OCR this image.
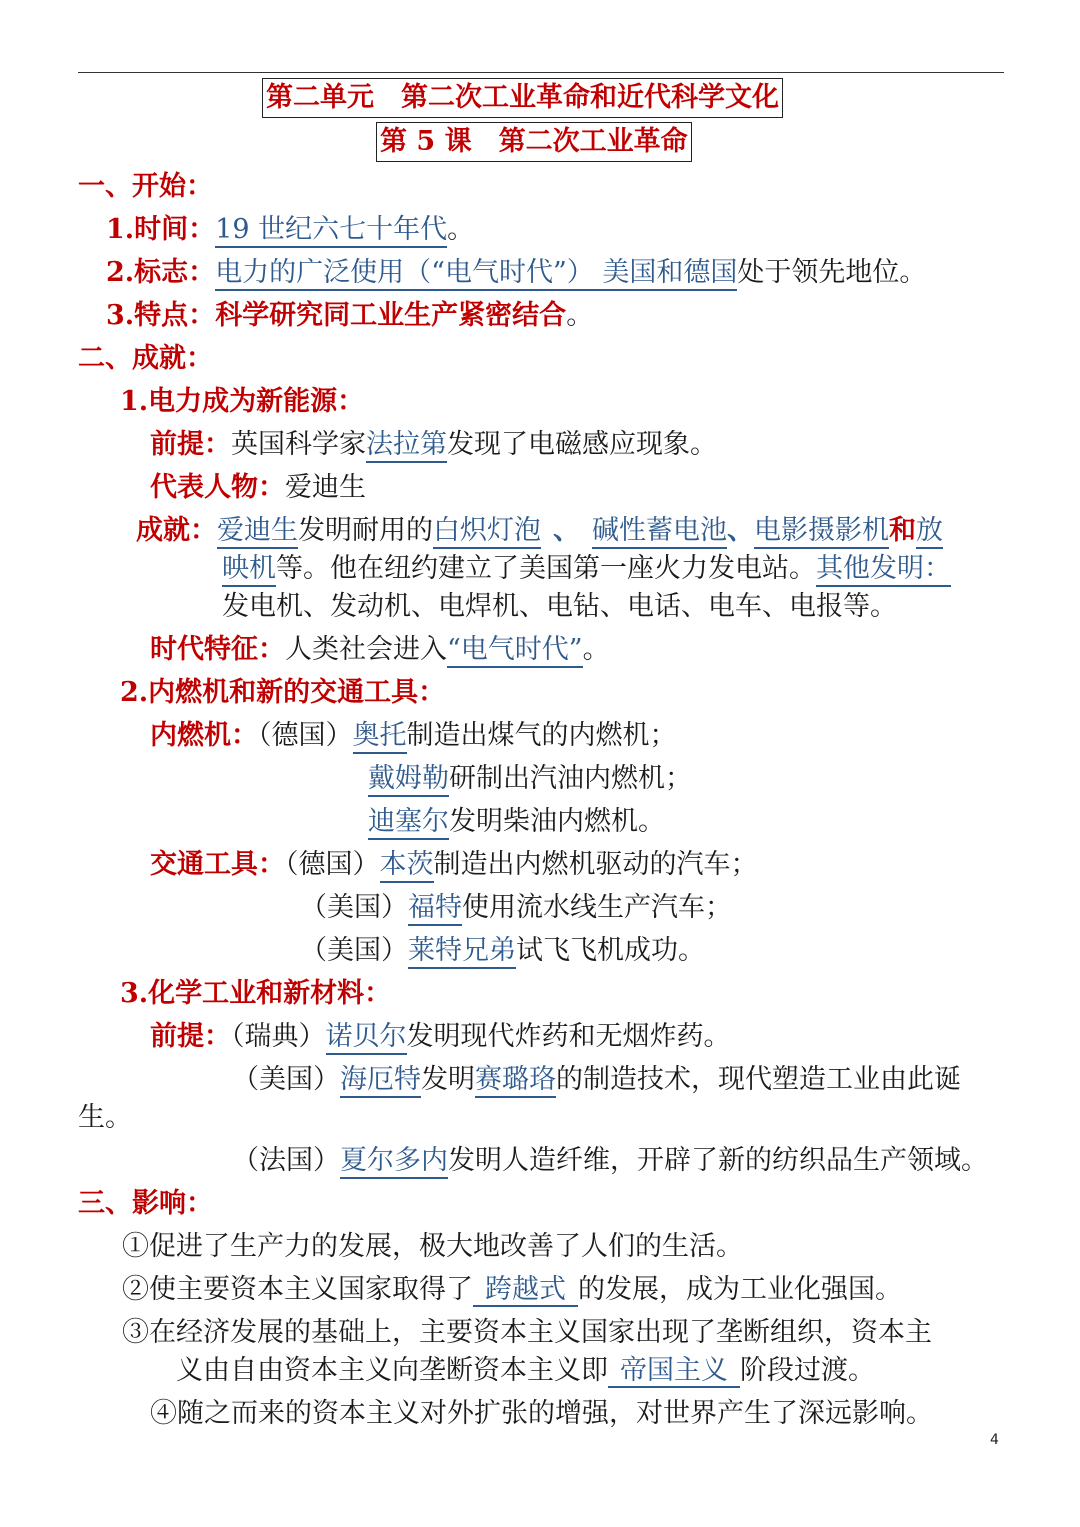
第二单元　第二次工业革命和近代科学文化
第 5 课　第二次工业革命
一、开始：
1.时间：19 世纪六七十年代。
2.标志：电力的广泛使用（“电气时代”） 美国和德国处于领先地位。
3.特点：科学研究同工业生产紧密结合。
二、成就：
1.电力成为新能源：
前提：英国科学家法拉第发现了电磁感应现象。
代表人物：爱迪生
成就：爱迪生发明耐用的白炽灯泡 、 碱性蓄电池、电影摄影机和放
映机等。他在纽约建立了美国第一座火力发电站。其他发明：
发电机、发动机、电焊机、电钻、电话、电车、电报等。
时代特征：人类社会进入“电气时代”。
2.内燃机和新的交通工具：
内燃机：（德国）奥托制造出煤气的内燃机；
戴姆勒研制出汽油内燃机；
迪塞尔发明柴油内燃机。
交通工具：（德国）本茨制造出内燃机驱动的汽车；
（美国）福特使用流水线生产汽车；
（美国）莱特兄弟试飞飞机成功。
3.化学工业和新材料：
前提：（瑞典）诺贝尔发明现代炸药和无烟炸药。
（美国）海厄特发明赛璐珞的制造技术，现代塑造工业由此诞
生。
（法国）夏尔多内发明人造纤维，开辟了新的纺织品生产领域。
三、影响：
①促进了生产力的发展，极大地改善了人们的生活。
②使主要资本主义国家取得了 跨越式 的发展，成为工业化强国。
③在经济发展的基础上，主要资本主义国家出现了垄断组织，资本主
义由自由资本主义向垄断资本主义即 帝国主义 阶段过渡。
④随之而来的资本主义对外扩张的增强，对世界产生了深远影响。
4
